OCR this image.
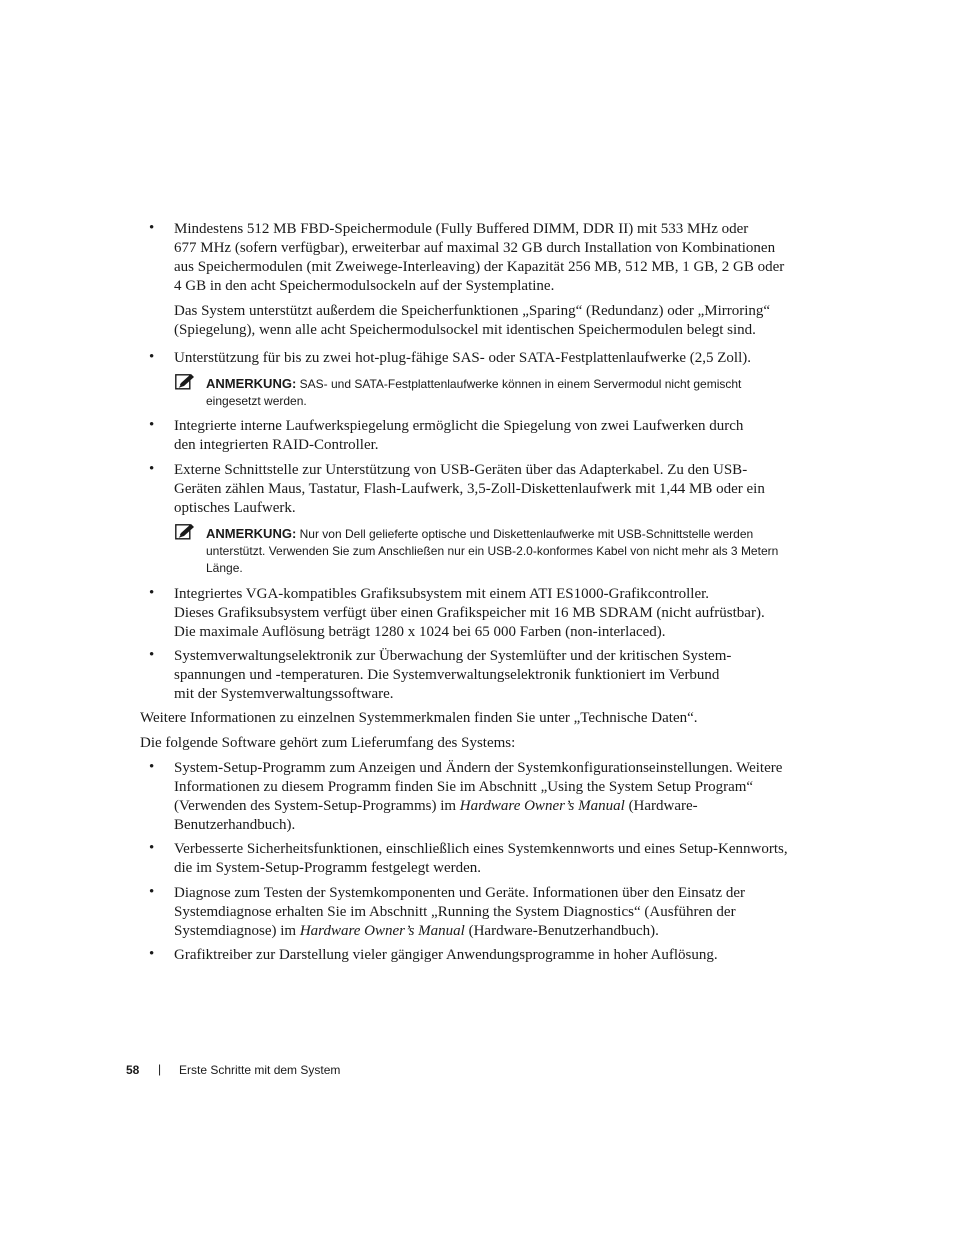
• Mindestens 512 MB FBD-Speichermodule (Fully Buffered DIMM, DDR II) mit 533 MHz oder
677 MHz (sofern verfügbar), erweiterbar auf maximal 32 GB durch Installation von Kombinationen
aus Speichermodulen (mit Zweiwege-Interleaving) der Kapazität 256 MB, 512 MB, 1 GB, 2 GB oder
4 GB in den acht Speichermodulsockeln auf der Systemplatine.
Das System unterstützt außerdem die Speicherfunktionen „Sparing“ (Redundanz) oder „Mirroring“
(Spiegelung), wenn alle acht Speichermodulsockel mit identischen Speichermodulen belegt sind.
• Unterstützung für bis zu zwei hot-plug-fähige SAS- oder SATA-Festplattenlaufwerke (2,5 Zoll).
ANMERKUNG: SAS- und SATA-Festplattenlaufwerke können in einem Servermodul nicht gemischt
eingesetzt werden.
• Integrierte interne Laufwerkspiegelung ermöglicht die Spiegelung von zwei Laufwerken durch
den integrierten RAID-Controller.
• Externe Schnittstelle zur Unterstützung von USB-Geräten über das Adapterkabel. Zu den USB-
Geräten zählen Maus, Tastatur, Flash-Laufwerk, 3,5-Zoll-Diskettenlaufwerk mit 1,44 MB oder ein
optisches Laufwerk.
ANMERKUNG: Nur von Dell gelieferte optische und Diskettenlaufwerke mit USB-Schnittstelle werden
unterstützt. Verwenden Sie zum Anschließen nur ein USB-2.0-konformes Kabel von nicht mehr als 3 Metern
Länge.
• Integriertes VGA-kompatibles Grafiksubsystem mit einem ATI ES1000-Grafikcontroller.
Dieses Grafiksubsystem verfügt über einen Grafikspeicher mit 16 MB SDRAM (nicht aufrüstbar).
Die maximale Auflösung beträgt 1280 x 1024 bei 65 000 Farben (non-interlaced).
• Systemverwaltungselektronik zur Überwachung der Systemlüfter und der kritischen System-
spannungen und -temperaturen. Die Systemverwaltungselektronik funktioniert im Verbund
mit der Systemverwaltungssoftware.
Weitere Informationen zu einzelnen Systemmerkmalen finden Sie unter „Technische Daten“.
Die folgende Software gehört zum Lieferumfang des Systems:
• System-Setup-Programm zum Anzeigen und Ändern der Systemkonfigurationseinstellungen. Weitere
Informationen zu diesem Programm finden Sie im Abschnitt „Using the System Setup Program“
(Verwenden des System-Setup-Programms) im Hardware Owner’s Manual (Hardware-
Benutzerhandbuch).
• Verbesserte Sicherheitsfunktionen, einschließlich eines Systemkennworts und eines Setup-Kennworts,
die im System-Setup-Programm festgelegt werden.
• Diagnose zum Testen der Systemkomponenten und Geräte. Informationen über den Einsatz der
Systemdiagnose erhalten Sie im Abschnitt „Running the System Diagnostics“ (Ausführen der
Systemdiagnose) im Hardware Owner’s Manual (Hardware-Benutzerhandbuch).
• Grafiktreiber zur Darstellung vieler gängiger Anwendungsprogramme in hoher Auflösung.
58 | Erste Schritte mit dem System
